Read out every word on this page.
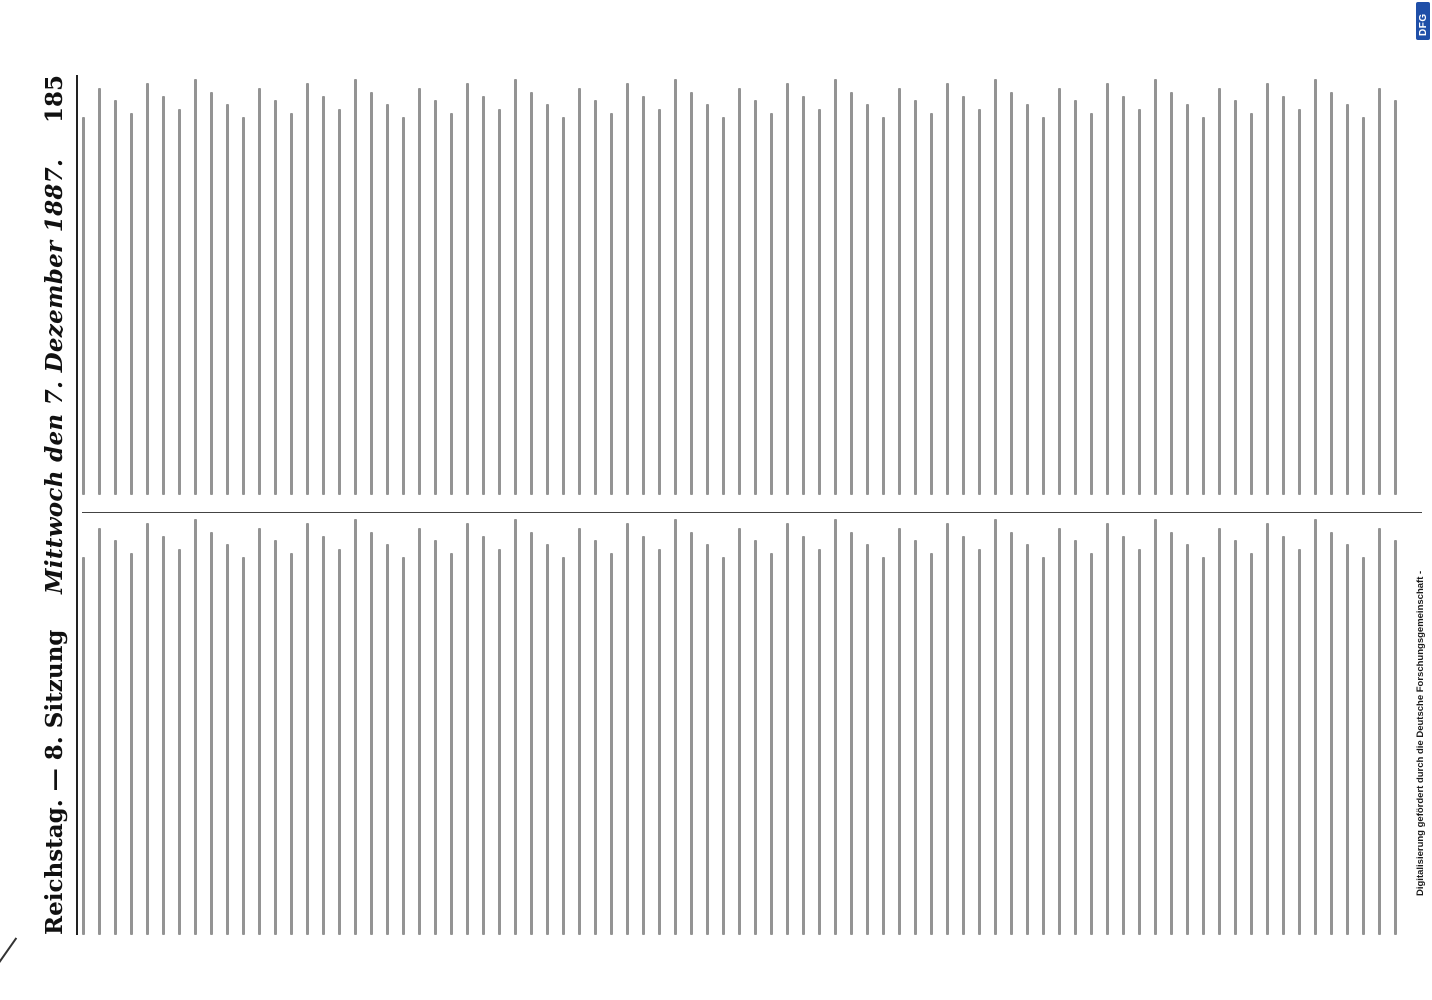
Reichstag. — 8. Sitzung
Mittwoch den 7. Dezember 1887.
185
Digitalisierung gefördert durch die Deutsche Forschungsgemeinschaft -
DFG
